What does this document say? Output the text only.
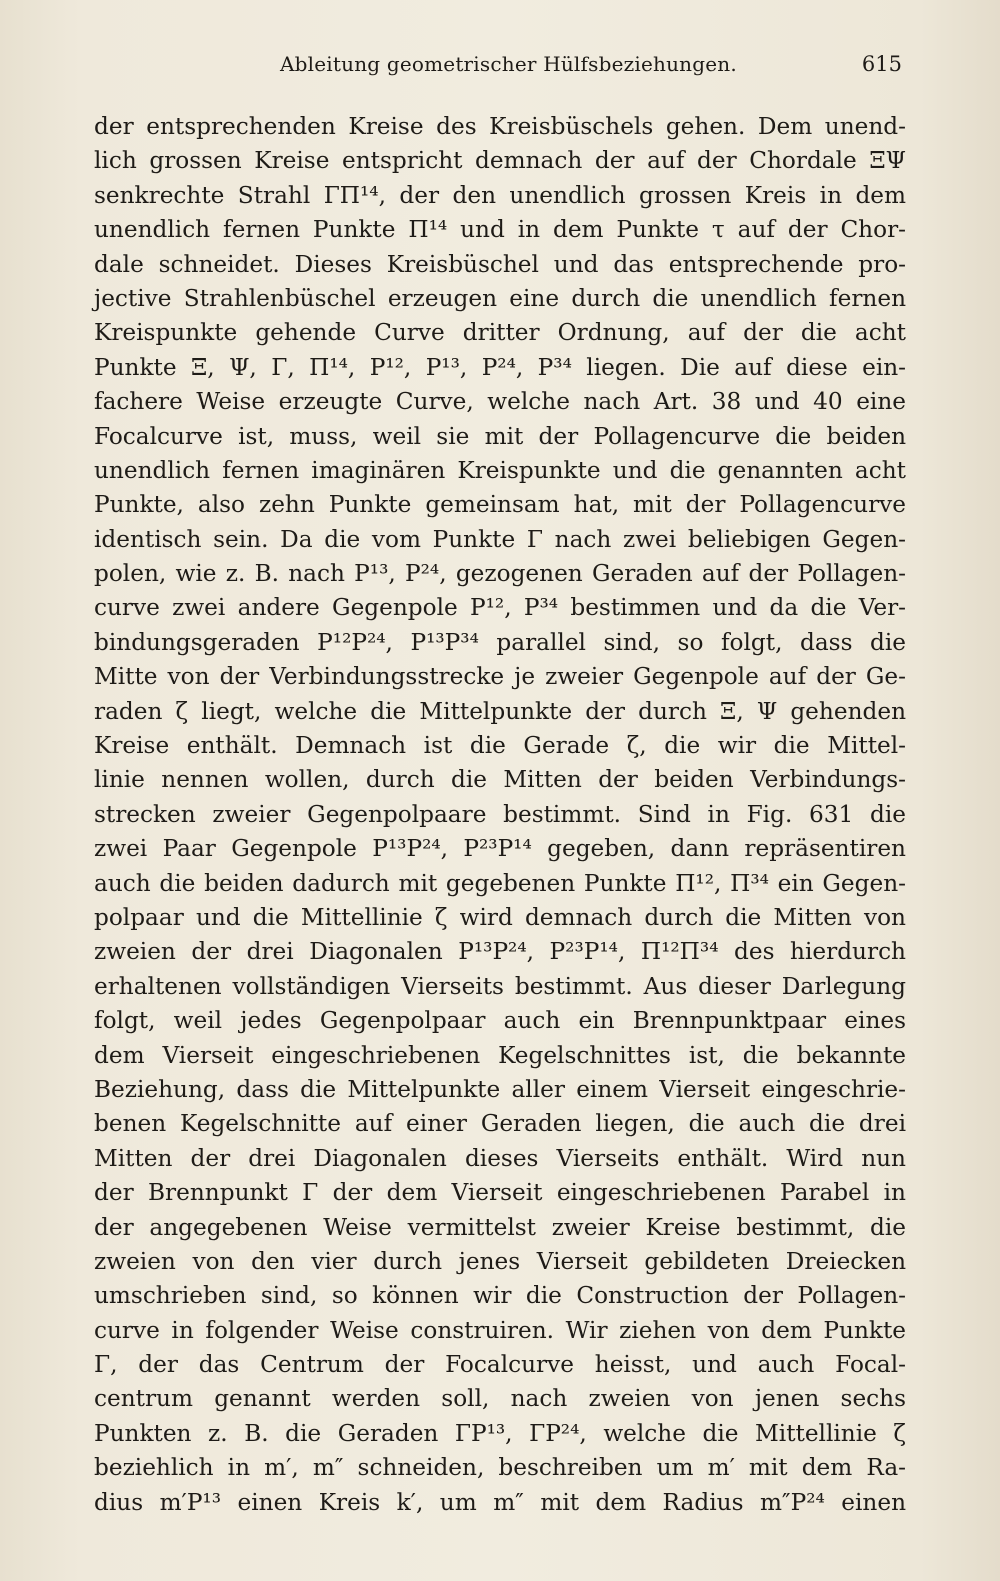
Ableitung geometrischer Hülfsbeziehungen.	615
der entsprechenden Kreise des Kreisbüschels gehen. Dem unend-
lich grossen Kreise entspricht demnach der auf der Chordale ΞΨ
senkrechte Strahl ΓΠ¹⁴, der den unendlich grossen Kreis in dem
unendlich fernen Punkte Π¹⁴ und in dem Punkte τ auf der Chor-
dale schneidet. Dieses Kreisbüschel und das entsprechende pro-
jective Strahlenbüschel erzeugen eine durch die unendlich fernen
Kreispunkte gehende Curve dritter Ordnung, auf der die acht
Punkte Ξ, Ψ, Γ, Π¹⁴, P¹², P¹³, P²⁴, P³⁴ liegen. Die auf diese ein-
fachere Weise erzeugte Curve, welche nach Art. 38 und 40 eine
Focalcurve ist, muss, weil sie mit der Pollagencurve die beiden
unendlich fernen imaginären Kreispunkte und die genannten acht
Punkte, also zehn Punkte gemeinsam hat, mit der Pollagencurve
identisch sein. Da die vom Punkte Γ nach zwei beliebigen Gegen-
polen, wie z. B. nach P¹³, P²⁴, gezogenen Geraden auf der Pollagen-
curve zwei andere Gegenpole P¹², P³⁴ bestimmen und da die Ver-
bindungsgeraden P¹²P²⁴, P¹³P³⁴ parallel sind, so folgt, dass die
Mitte von der Verbindungsstrecke je zweier Gegenpole auf der Ge-
raden ζ liegt, welche die Mittelpunkte der durch Ξ, Ψ gehenden
Kreise enthält. Demnach ist die Gerade ζ, die wir die Mittel-
linie nennen wollen, durch die Mitten der beiden Verbindungs-
strecken zweier Gegenpolpaare bestimmt. Sind in Fig. 631 die
zwei Paar Gegenpole P¹³P²⁴, P²³P¹⁴ gegeben, dann repräsentiren
auch die beiden dadurch mit gegebenen Punkte Π¹², Π³⁴ ein Gegen-
polpaar und die Mittellinie ζ wird demnach durch die Mitten von
zweien der drei Diagonalen P¹³P²⁴, P²³P¹⁴, Π¹²Π³⁴ des hierdurch
erhaltenen vollständigen Vierseits bestimmt. Aus dieser Darlegung
folgt, weil jedes Gegenpolpaar auch ein Brennpunktpaar eines
dem Vierseit eingeschriebenen Kegelschnittes ist, die bekannte
Beziehung, dass die Mittelpunkte aller einem Vierseit eingeschrie-
benen Kegelschnitte auf einer Geraden liegen, die auch die drei
Mitten der drei Diagonalen dieses Vierseits enthält. Wird nun
der Brennpunkt Γ der dem Vierseit eingeschriebenen Parabel in
der angegebenen Weise vermittelst zweier Kreise bestimmt, die
zweien von den vier durch jenes Vierseit gebildeten Dreiecken
umschrieben sind, so können wir die Construction der Pollagen-
curve in folgender Weise construiren. Wir ziehen von dem Punkte
Γ, der das Centrum der Focalcurve heisst, und auch Focal-
centrum genannt werden soll, nach zweien von jenen sechs
Punkten z. B. die Geraden ΓP¹³, ΓP²⁴, welche die Mittellinie ζ
beziehlich in m′, m″ schneiden, beschreiben um m′ mit dem Ra-
dius m′P¹³ einen Kreis k′, um m″ mit dem Radius m″P²⁴ einen
